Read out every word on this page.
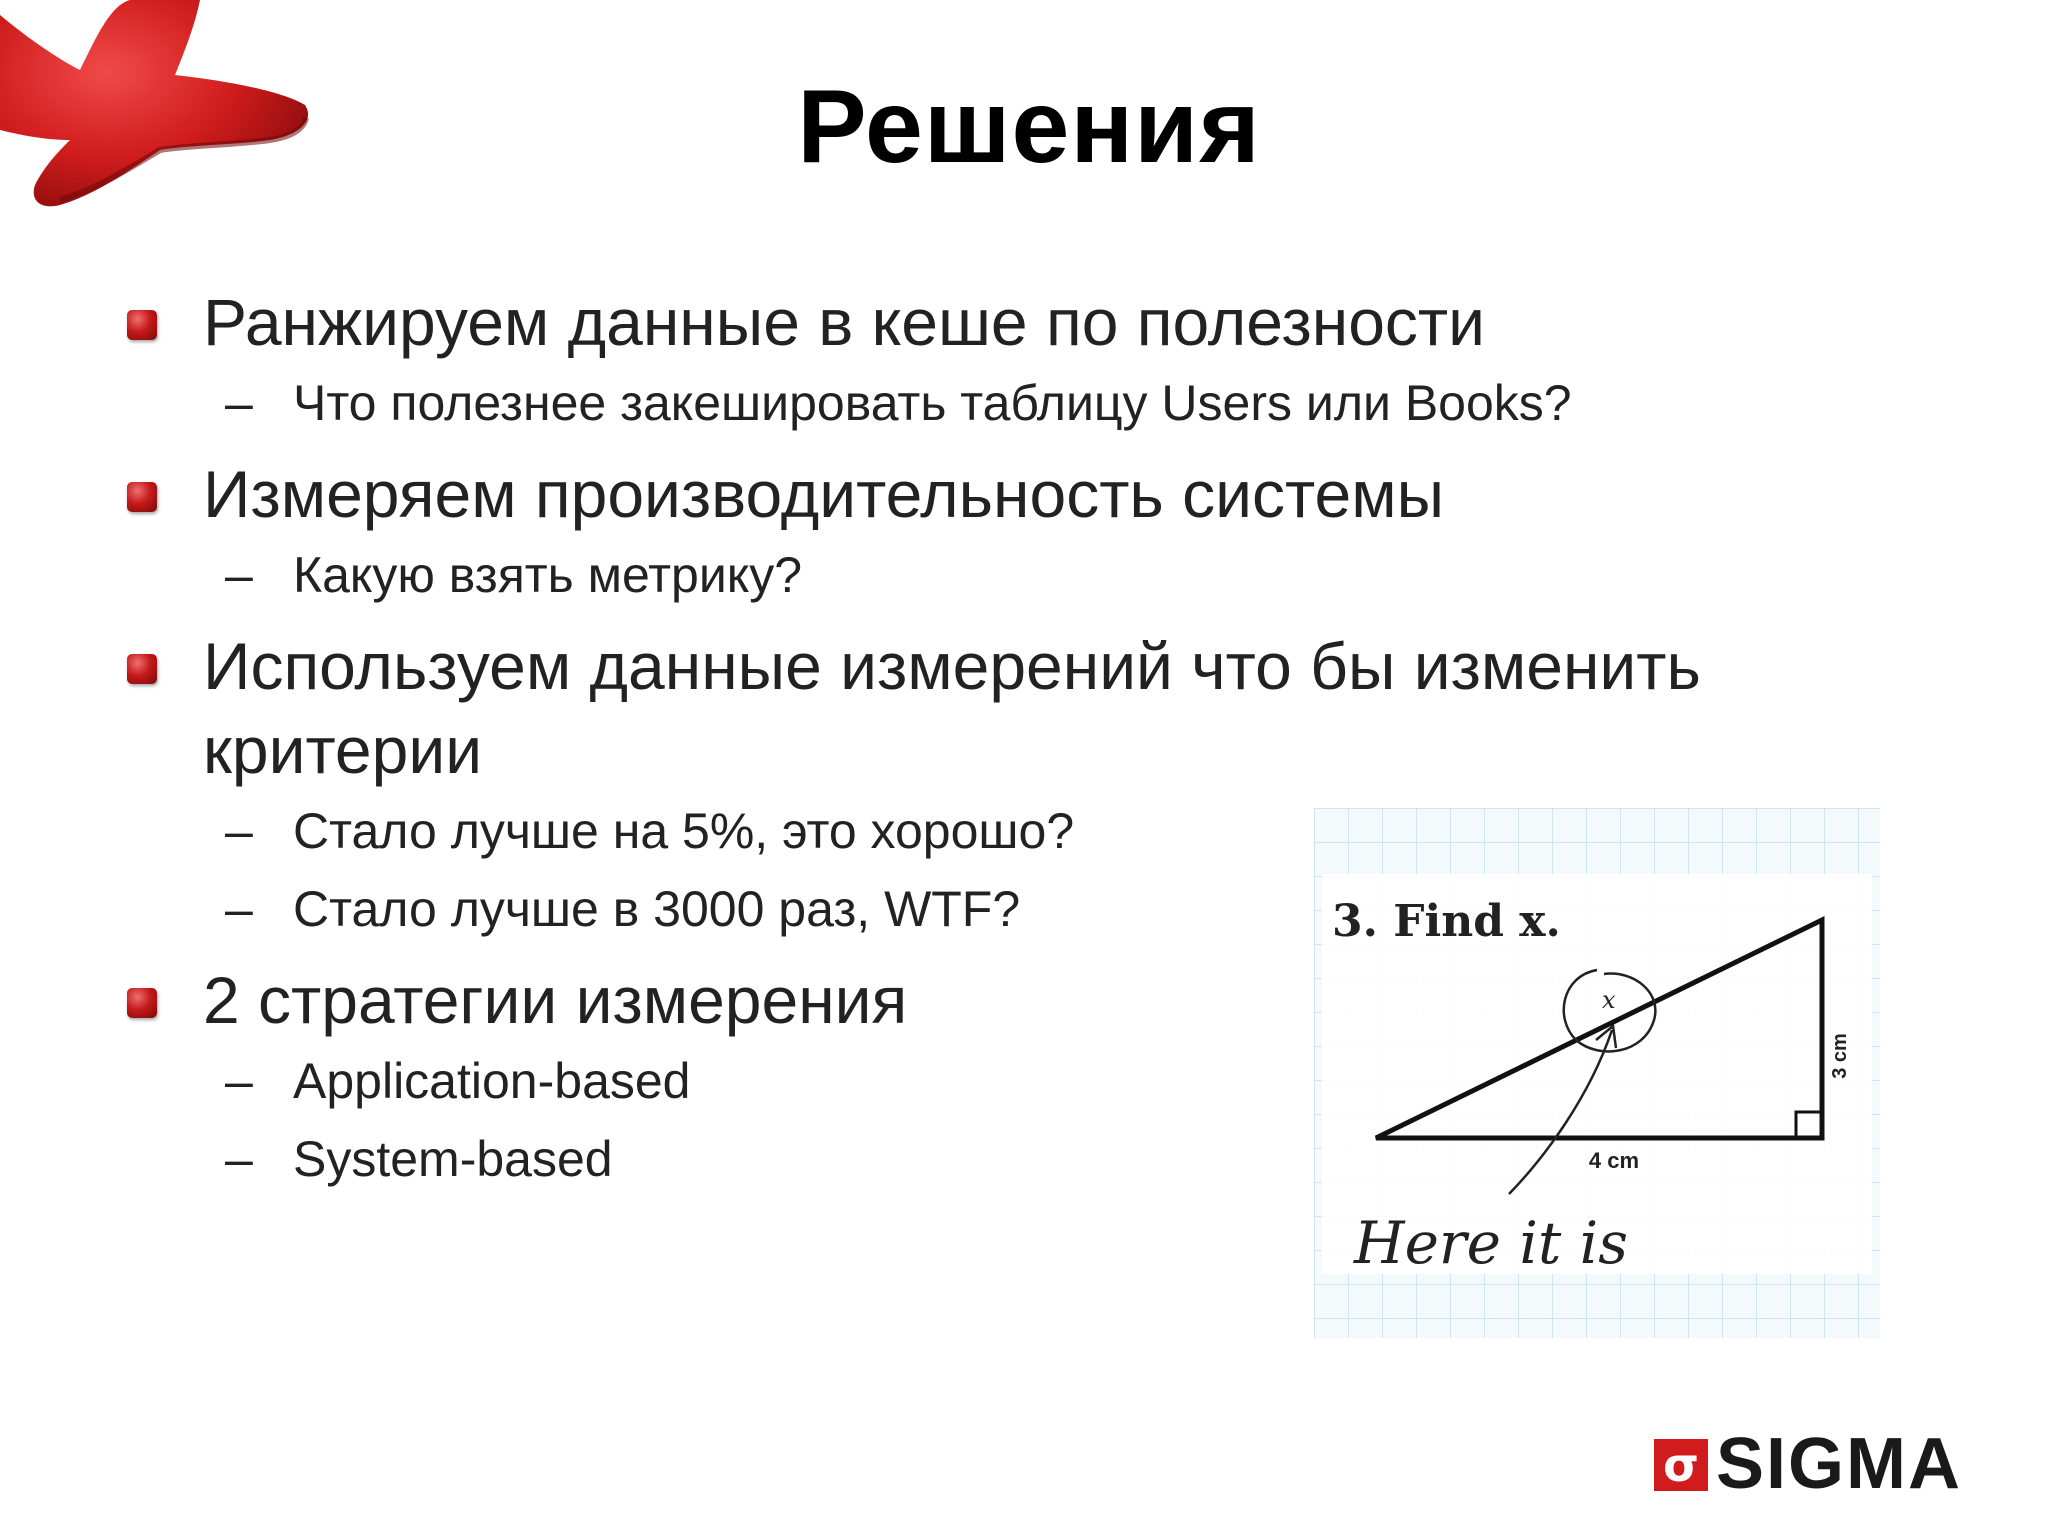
Решения
Ранжируем данные в кеше по полезности
– Что полезнее закешировать таблицу Users или Books?
Измеряем производительность системы
– Какую взять метрику?
Используем данные измерений что бы изменить
критерии
– Стало лучше на 5%, это хорошо?
– Стало лучше в 3000 раз, WTF?
2 стратегии измерения
– Application-based
– System-based
3. Find x.
3 cm
4 cm
x
Here it is
σ SIGMA
